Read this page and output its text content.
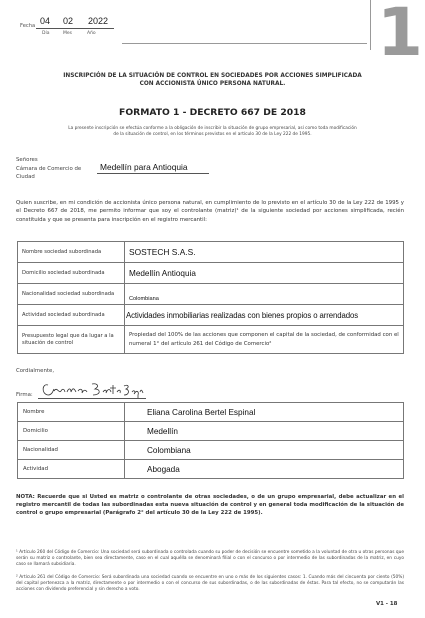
Fecha 04 02 2022
Día	Mes	Año	1
INSCRIPCIÓN DE LA SITUACIÓN DE CONTROL EN SOCIEDADES POR ACCIONES SIMPLIFICADA
CON ACCIONISTA ÚNICO PERSONA NATURAL.
FORMATO 1 - DECRETO 667 DE 2018
La presente inscripción se efectúa conforme a la obligación de inscribir la situación de grupo empresarial, así como toda modificación
de la situación de control, en los términos previstos en el artículo 30 de la Ley 222 de 1995.
Señores
Cámara de Comercio de Medellín para Antioquia
Ciudad
Quien suscribe, en mi condición de accionista único persona natural, en cumplimiento de lo previsto en el artículo 30 de la Ley 222 de 1995 y el Decreto 667 de 2018, me permito informar que soy el controlante (matriz)¹ de la siguiente sociedad por acciones simplificada, recién constituida y que se presenta para inscripción en el registro mercantil:
Nombre sociedad subordinada	SOSTECH S.A.S.
Domicilio sociedad subordinada	Medellín Antioquia
Nacionalidad sociedad subordinada	Colombiana
Actividad sociedad subordinada	Actividades inmobiliarias realizadas con bienes propios o arrendados
Presupuesto legal que da lugar a la situación de control	Propiedad del 100% de las acciones que componen el capital de la sociedad, de conformidad con el numeral 1° del artículo 261 del Código de Comercio²
Cordialmente,
Firma:
Nombre	Eliana Carolina Bertel Espinal
Domicilio	Medellín
Nacionalidad	Colombiana
Actividad	Abogada
NOTA: Recuerde que si Usted es matriz o controlante de otras sociedades, o de un grupo empresarial, debe actualizar en el registro mercantil de todas las subordinadas esta nueva situación de control y en general toda modificación de la situación de control o grupo empresarial (Parágrafo 2° del artículo 30 de la Ley 222 de 1995).
¹ Artículo 260 del Código de Comercio: Una sociedad será subordinada o controlada cuando su poder de decisión se encuentre sometido a la voluntad de otra u otras personas que serán su matriz o controlante, bien sea directamente, caso en el cual aquélla se denominará filial o con el concurso o por intermedio de las subordinadas de la matriz, en cuyo caso se llamará subsidiaria.
² Artículo 261 del Código de Comercio: Será subordinada una sociedad cuando se encuentre en uno o más de los siguientes casos: 1. Cuando más del cincuenta por ciento (50%) del capital pertenezca a la matriz, directamente o por intermedio o con el concurso de sus subordinadas, o de las subordinadas de éstas. Para tal efecto, no se computarán las acciones con dividendo preferencial y sin derecho a voto.
V1 - 18
